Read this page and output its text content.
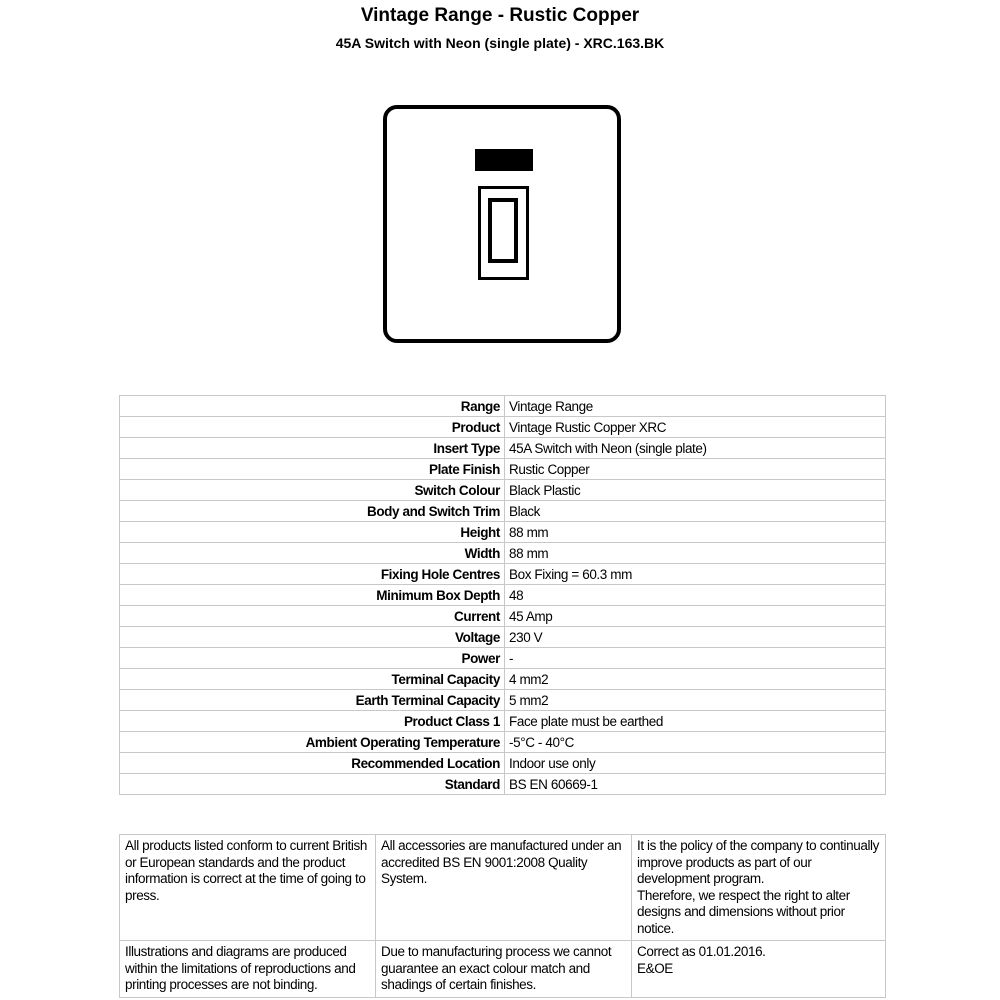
Vintage Range - Rustic Copper
45A Switch with Neon (single plate) - XRC.163.BK
Range	Vintage Range
Product	Vintage Rustic Copper XRC
Insert Type	45A Switch with Neon (single plate)
Plate Finish	Rustic Copper
Switch Colour	Black Plastic
Body and Switch Trim	Black
Height	88 mm
Width	88 mm
Fixing Hole Centres	Box Fixing = 60.3 mm
Minimum Box Depth	48
Current	45 Amp
Voltage	230 V
Power	-
Terminal Capacity	4 mm2
Earth Terminal Capacity	5 mm2
Product Class 1	Face plate must be earthed
Ambient Operating Temperature	-5°C - 40°C
Recommended Location	Indoor use only
Standard	BS EN 60669-1
All products listed conform to current British or European standards and the product information is correct at the time of going to press.	All accessories are manufactured under an accredited BS EN 9001:2008 Quality System.	It is the policy of the company to continually improve products as part of our development program.
Therefore, we respect the right to alter designs and dimensions without prior notice.
Illustrations and diagrams are produced within the limitations of reproductions and printing processes are not binding.	Due to manufacturing process we cannot guarantee an exact colour match and shadings of certain finishes.	Correct as 01.01.2016.
E&OE
